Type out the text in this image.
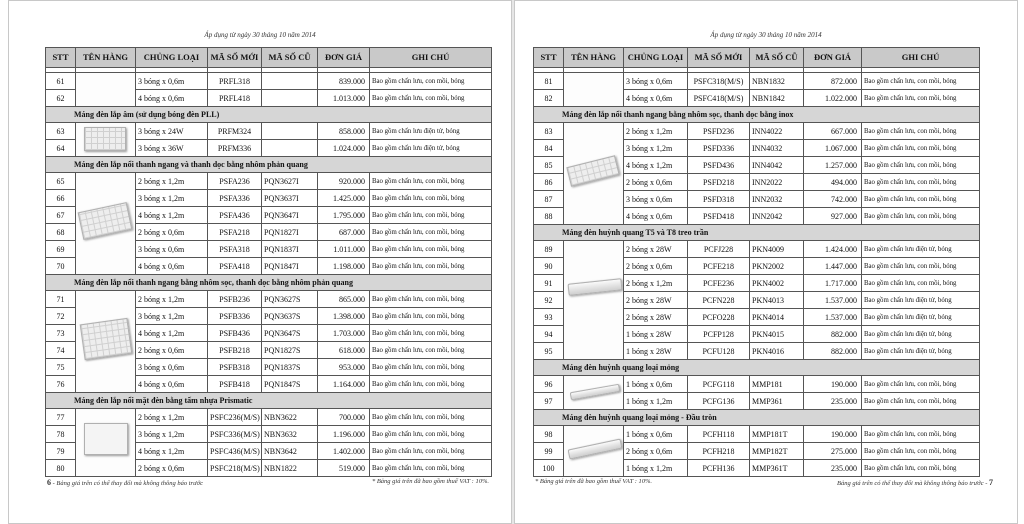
Áp dụng từ ngày 30 tháng 10 năm 2014
STT	TÊN HÀNG	CHỦNG LOẠI	MÃ SỐ MỚI	MÃ SỐ CŨ	ĐƠN GIÁ	GHI CHÚ

61		3 bóng x 0,6m	PRFL318		839.000	Bao gồm chấn lưu, con mồi, bóng
62		4 bóng x 0,6m	PRFL418		1.013.000	Bao gồm chấn lưu, con mồi, bóng
Máng đèn lắp âm (sử dụng bóng đèn PLL)						
63		3 bóng x 24W	PRFM324		858.000	Bao gồm chấn lưu điện tử, bóng
64		3 bóng x 36W	PRFM336		1.024.000	Bao gồm chấn lưu điện tử, bóng
Máng đèn lắp nổi thanh ngang và thanh dọc bằng nhôm phản quang						
65		2 bóng x 1,2m	PSFA236	PQN3627I	920.000	Bao gồm chấn lưu, con mồi, bóng
66		3 bóng x 1,2m	PSFA336	PQN3637I	1.425.000	Bao gồm chấn lưu, con mồi, bóng
67		4 bóng x 1,2m	PSFA436	PQN3647I	1.795.000	Bao gồm chấn lưu, con mồi, bóng
68		2 bóng x 0,6m	PSFA218	PQN1827I	687.000	Bao gồm chấn lưu, con mồi, bóng
69		3 bóng x 0,6m	PSFA318	PQN1837I	1.011.000	Bao gồm chấn lưu, con mồi, bóng
70		4 bóng x 0,6m	PSFA418	PQN1847I	1.198.000	Bao gồm chấn lưu, con mồi, bóng
Máng đèn lắp nổi thanh ngang bằng nhôm sọc, thanh dọc bằng nhôm phản quang						
71		2 bóng x 1,2m	PSFB236	PQN3627S	865.000	Bao gồm chấn lưu, con mồi, bóng
72		3 bóng x 1,2m	PSFB336	PQN3637S	1.398.000	Bao gồm chấn lưu, con mồi, bóng
73		4 bóng x 1,2m	PSFB436	PQN3647S	1.703.000	Bao gồm chấn lưu, con mồi, bóng
74		2 bóng x 0,6m	PSFB218	PQN1827S	618.000	Bao gồm chấn lưu, con mồi, bóng
75		3 bóng x 0,6m	PSFB318	PQN1837S	953.000	Bao gồm chấn lưu, con mồi, bóng
76		4 bóng x 0,6m	PSFB418	PQN1847S	1.164.000	Bao gồm chấn lưu, con mồi, bóng
Máng đèn lắp nổi mặt đèn bằng tấm nhựa Prismatic						
77		2 bóng x 1,2m	PSFC236(M/S)	NBN3622	700.000	Bao gồm chấn lưu, con mồi, bóng
78		3 bóng x 1,2m	PSFC336(M/S)	NBN3632	1.196.000	Bao gồm chấn lưu, con mồi, bóng
79		4 bóng x 1,2m	PSFC436(M/S)	NBN3642	1.402.000	Bao gồm chấn lưu, con mồi, bóng
80		2 bóng x 0,6m	PSFC218(M/S)	NBN1822	519.000	Bao gồm chấn lưu, con mồi, bóng
6 - Bảng giá trên có thể thay đổi mà không thông báo trước	* Bảng giá trên đã bao gồm thuế VAT : 10%.
Áp dụng từ ngày 30 tháng 10 năm 2014
STT	TÊN HÀNG	CHỦNG LOẠI	MÃ SỐ MỚI	MÃ SỐ CŨ	ĐƠN GIÁ	GHI CHÚ

81		3 bóng x 0,6m	PSFC318(M/S)	NBN1832	872.000	Bao gồm chấn lưu, con mồi, bóng
82		4 bóng x 0,6m	PSFC418(M/S)	NBN1842	1.022.000	Bao gồm chấn lưu, con mồi, bóng
Máng đèn lắp nổi thanh ngang bằng nhôm sọc, thanh dọc bằng inox						
83		2 bóng x 1,2m	PSFD236	INN4022	667.000	Bao gồm chấn lưu, con mồi, bóng
84		3 bóng x 1,2m	PSFD336	INN4032	1.067.000	Bao gồm chấn lưu, con mồi, bóng
85		4 bóng x 1,2m	PSFD436	INN4042	1.257.000	Bao gồm chấn lưu, con mồi, bóng
86		2 bóng x 0,6m	PSFD218	INN2022	494.000	Bao gồm chấn lưu, con mồi, bóng
87		3 bóng x 0,6m	PSFD318	INN2032	742.000	Bao gồm chấn lưu, con mồi, bóng
88		4 bóng x 0,6m	PSFD418	INN2042	927.000	Bao gồm chấn lưu, con mồi, bóng
Máng đèn huỳnh quang T5 và T8 treo trần						
89		2 bóng x 28W	PCFJ228	PKN4009	1.424.000	Bao gồm chấn lưu điện tử, bóng
90		2 bóng x 0,6m	PCFE218	PKN2002	1.447.000	Bao gồm chấn lưu, con mồi, bóng
91		2 bóng x 1,2m	PCFE236	PKN4002	1.717.000	Bao gồm chấn lưu, con mồi, bóng
92		2 bóng x 28W	PCFN228	PKN4013	1.537.000	Bao gồm chấn lưu điện tử, bóng
93		2 bóng x 28W	PCFO228	PKN4014	1.537.000	Bao gồm chấn lưu điện tử, bóng
94		1 bóng x 28W	PCFP128	PKN4015	882.000	Bao gồm chấn lưu điện tử, bóng
95		1 bóng x 28W	PCFU128	PKN4016	882.000	Bao gồm chấn lưu điện tử, bóng
Máng đèn huỳnh quang loại mỏng						
96		1 bóng x 0,6m	PCFG118	MMP181	190.000	Bao gồm chấn lưu, con mồi, bóng
97		1 bóng x 1,2m	PCFG136	MMP361	235.000	Bao gồm chấn lưu, con mồi, bóng
Máng đèn huỳnh quang loại mỏng - Đầu tròn						
98		1 bóng x 0,6m	PCFH118	MMP181T	190.000	Bao gồm chấn lưu, con mồi, bóng
99		2 bóng x 0,6m	PCFH218	MMP182T	275.000	Bao gồm chấn lưu, con mồi, bóng
100		1 bóng x 1,2m	PCFH136	MMP361T	235.000	Bao gồm chấn lưu, con mồi, bóng
* Bảng giá trên đã bao gồm thuế VAT : 10%.	Bảng giá trên có thể thay đổi mà không thông báo trước - 7
